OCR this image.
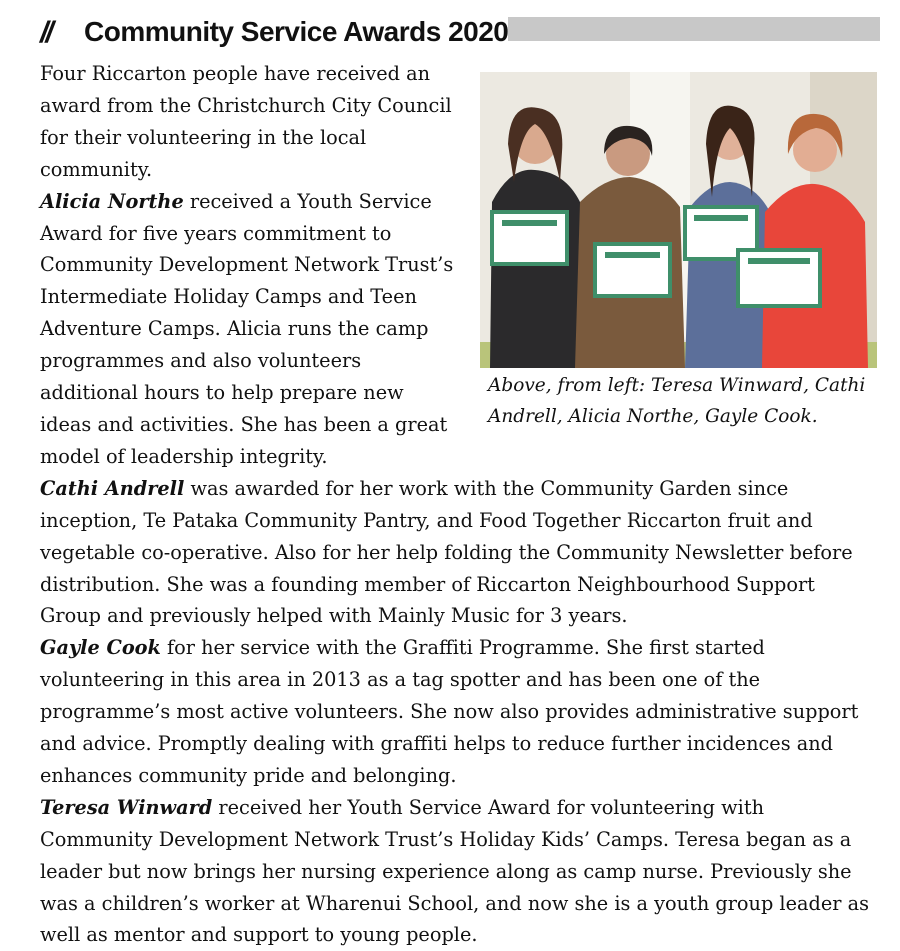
// Community Service Awards 2020
Above, from left: Teresa Winward, Cathi Andrell, Alicia Northe, Gayle Cook.

Four Riccarton people have received an award from the Christchurch City Council for their volunteering in the local community.

Alicia Northe received a Youth Service Award for five years commitment to Community Development Network Trust’s Intermediate Holiday Camps and Teen Adventure Camps. Alicia runs the camp programmes and also volunteers additional hours to help prepare new ideas and activities. She has been a great model of leadership integrity.

Cathi Andrell was awarded for her work with the Community Garden since inception, Te Pataka Community Pantry, and Food Together Riccarton fruit and vegetable co-operative. Also for her help folding the Community Newsletter before distribution. She was a founding member of Riccarton Neighbourhood Support Group and previously helped with Mainly Music for 3 years.

Gayle Cook for her service with the Graffiti Programme. She first started volunteering in this area in 2013 as a tag spotter and has been one of the programme’s most active volunteers. She now also provides administrative support and advice. Promptly dealing with graffiti helps to reduce further incidences and enhances community pride and belonging.

Teresa Winward received her Youth Service Award for volunteering with Community Development Network Trust’s Holiday Kids’ Camps. Teresa began as a leader but now brings her nursing experience along as camp nurse. Previously she was a children’s worker at Wharenui School, and now she is a youth group leader as well as mentor and support to young people.
